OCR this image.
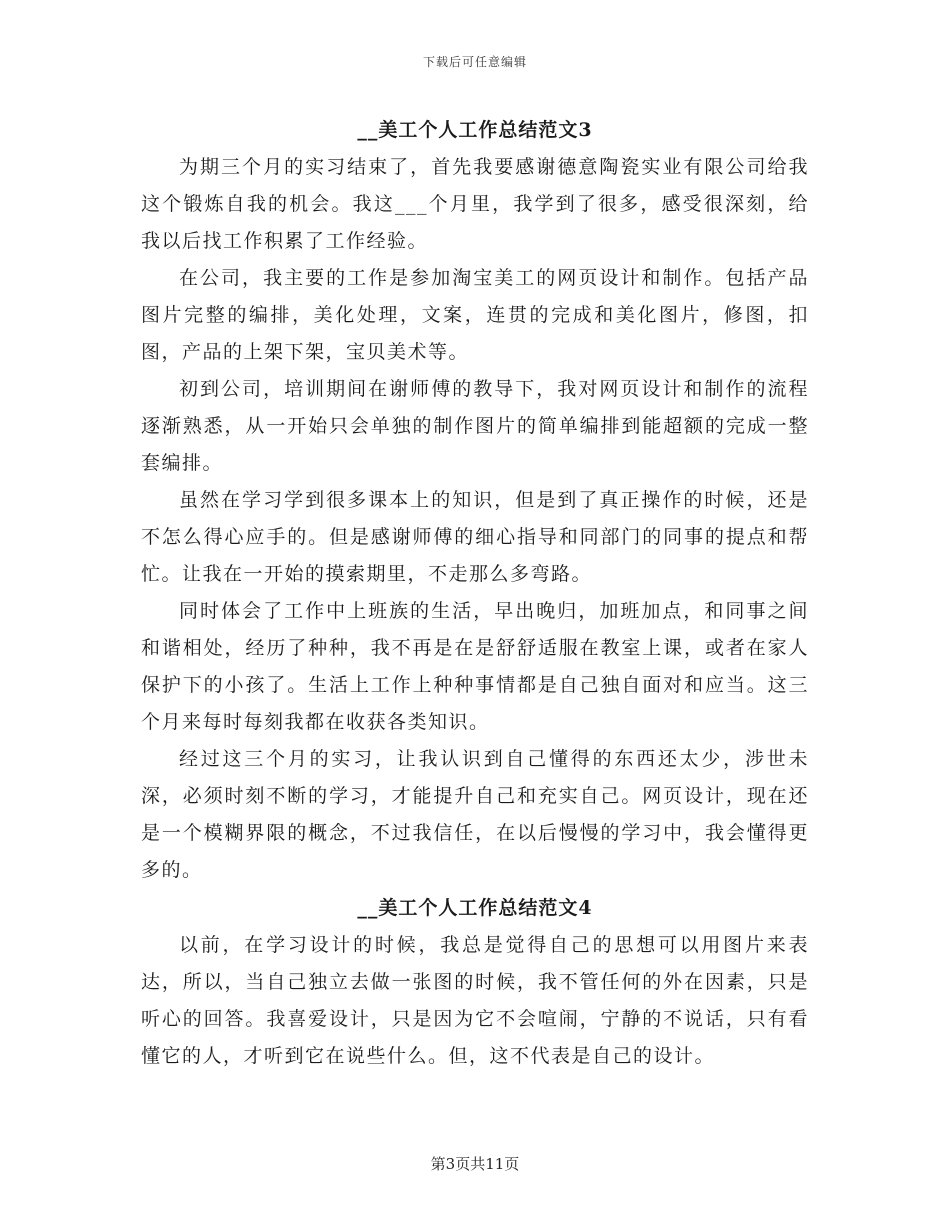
下载后可任意编辑
__美工个人工作总结范文3

为期三个月的实习结束了，首先我要感谢德意陶瓷实业有限公司给我这个锻炼自我的机会。我这___个月里，我学到了很多，感受很深刻，给我以后找工作积累了工作经验。

在公司，我主要的工作是参加淘宝美工的网页设计和制作。包括产品图片完整的编排，美化处理，文案，连贯的完成和美化图片，修图，扣图，产品的上架下架，宝贝美术等。

初到公司，培训期间在谢师傅的教导下，我对网页设计和制作的流程逐渐熟悉，从一开始只会单独的制作图片的简单编排到能超额的完成一整套编排。

虽然在学习学到很多课本上的知识，但是到了真正操作的时候，还是不怎么得心应手的。但是感谢师傅的细心指导和同部门的同事的提点和帮忙。让我在一开始的摸索期里，不走那么多弯路。

同时体会了工作中上班族的生活，早出晚归，加班加点，和同事之间和谐相处，经历了种种，我不再是在是舒舒适服在教室上课，或者在家人保护下的小孩了。生活上工作上种种事情都是自己独自面对和应当。这三个月来每时每刻我都在收获各类知识。

经过这三个月的实习，让我认识到自己懂得的东西还太少，涉世未深，必须时刻不断的学习，才能提升自己和充实自己。网页设计，现在还是一个模糊界限的概念，不过我信任，在以后慢慢的学习中，我会懂得更多的。

__美工个人工作总结范文4

以前，在学习设计的时候，我总是觉得自己的思想可以用图片来表达，所以，当自己独立去做一张图的时候，我不管任何的外在因素，只是听心的回答。我喜爱设计，只是因为它不会喧闹，宁静的不说话，只有看懂它的人，才听到它在说些什么。但，这不代表是自己的设计。

第3页共11页
